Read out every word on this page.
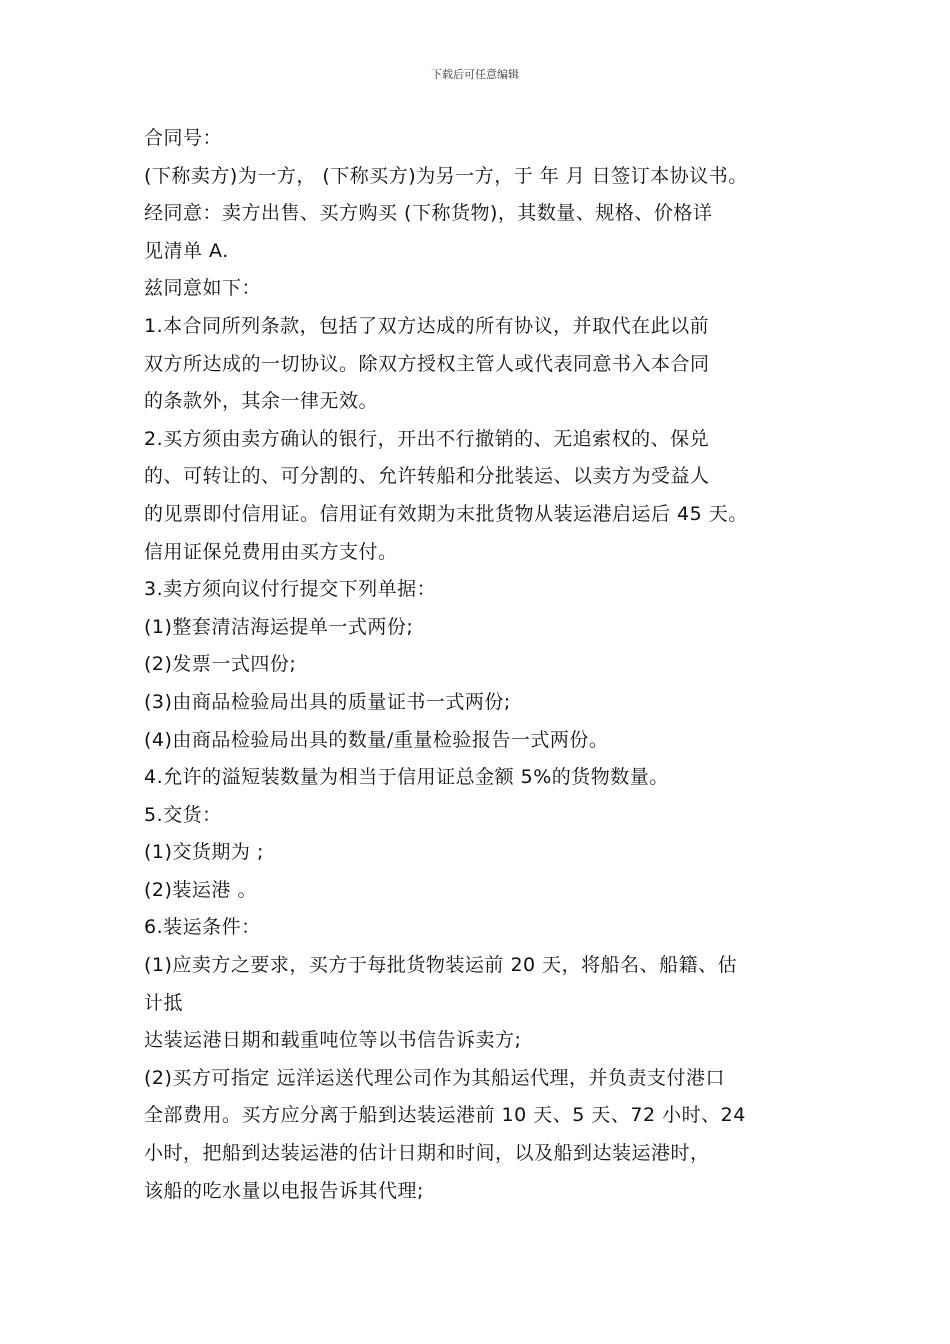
下载后可任意编辑
合同号：
(下称卖方)为一方， (下称买方)为另一方，于 年 月 日签订本协议书。
经同意：卖方出售、买方购买 (下称货物)，其数量、规格、价格详
见清单 A.
兹同意如下：
1.本合同所列条款，包括了双方达成的所有协议，并取代在此以前
双方所达成的一切协议。除双方授权主管人或代表同意书入本合同
的条款外，其余一律无效。
2.买方须由卖方确认的银行，开出不行撤销的、无追索权的、保兑
的、可转让的、可分割的、允许转船和分批装运、以卖方为受益人
的见票即付信用证。信用证有效期为末批货物从装运港启运后 45 天。
信用证保兑费用由买方支付。
3.卖方须向议付行提交下列单据：
(1)整套清洁海运提单一式两份;
(2)发票一式四份;
(3)由商品检验局出具的质量证书一式两份;
(4)由商品检验局出具的数量/重量检验报告一式两份。
4.允许的溢短装数量为相当于信用证总金额 5%的货物数量。
5.交货：
(1)交货期为 ;
(2)装运港 。
6.装运条件：
(1)应卖方之要求，买方于每批货物装运前 20 天，将船名、船籍、估
计抵
达装运港日期和载重吨位等以书信告诉卖方;
(2)买方可指定 远洋运送代理公司作为其船运代理，并负责支付港口
全部费用。买方应分离于船到达装运港前 10 天、5 天、72 小时、24
小时，把船到达装运港的估计日期和时间，以及船到达装运港时，
该船的吃水量以电报告诉其代理;
